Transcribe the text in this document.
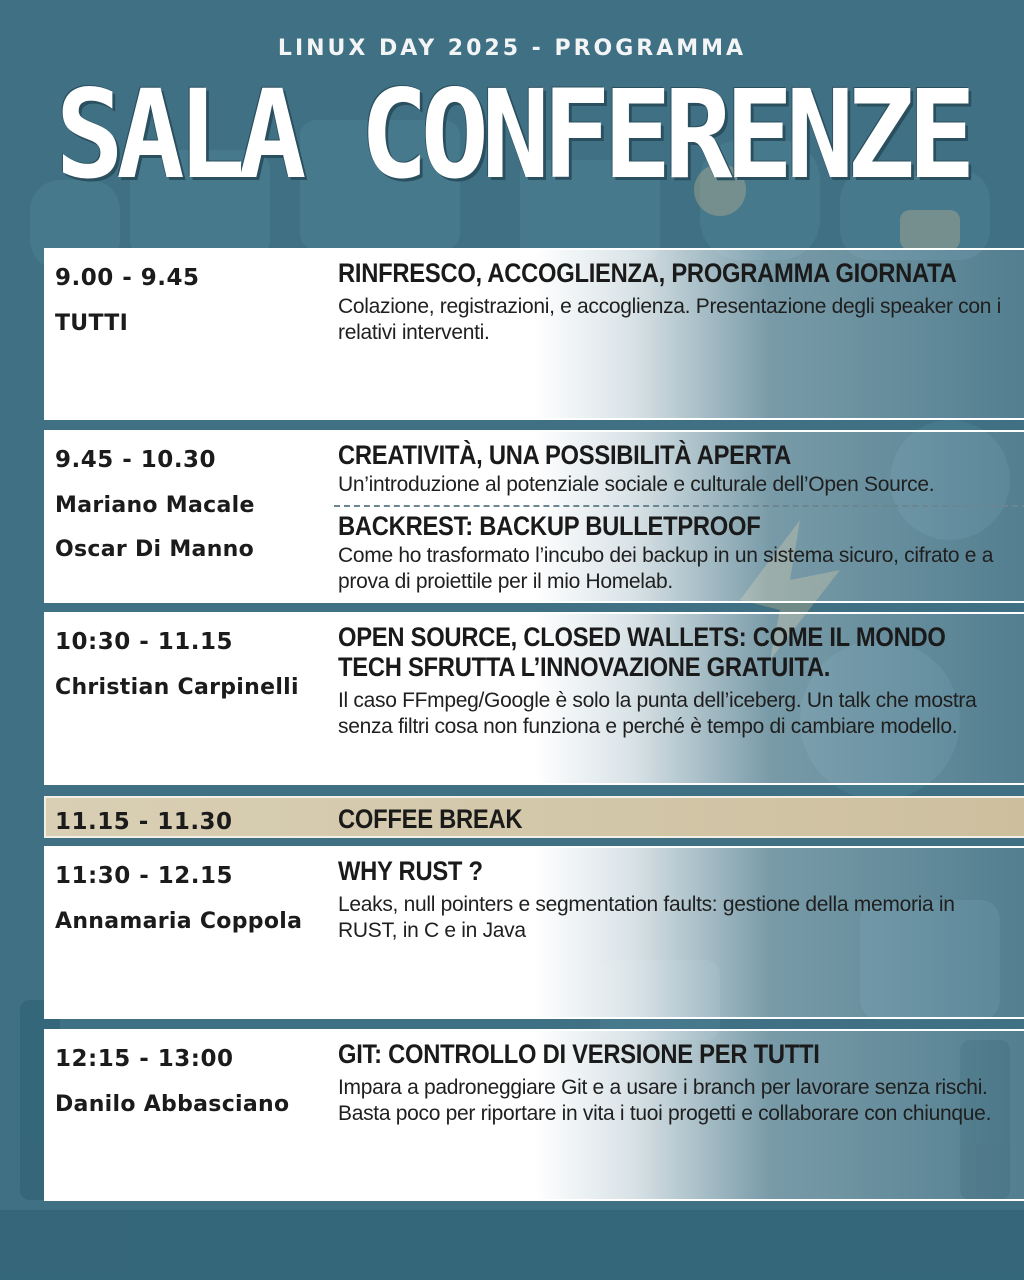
LINUX DAY 2025 - PROGRAMMA
SALA CONFERENZE
9.00 - 9.45
TUTTI
RINFRESCO, ACCOGLIENZA, PROGRAMMA GIORNATA
Colazione, registrazioni, e accoglienza. Presentazione degli speaker con i relativi interventi.
9.45 - 10.30
Mariano Macale
Oscar Di Manno
CREATIVITÀ, UNA POSSIBILITÀ APERTA
Un’introduzione al potenziale sociale e culturale dell’Open Source.
BACKREST: BACKUP BULLETPROOF
Come ho trasformato l’incubo dei backup in un sistema sicuro, cifrato e a prova di proiettile per il mio Homelab.
10:30 - 11.15
Christian Carpinelli
OPEN SOURCE, CLOSED WALLETS: COME IL MONDO TECH SFRUTTA L’INNOVAZIONE GRATUITA.
Il caso FFmpeg/Google è solo la punta dell’iceberg. Un talk che mostra senza filtri cosa non funziona e perché è tempo di cambiare modello.
11.15 - 11.30	COFFEE BREAK
11:30 - 12.15
Annamaria Coppola
WHY RUST ?
Leaks, null pointers e segmentation faults: gestione della memoria in RUST, in C e in Java
12:15 - 13:00
Danilo Abbasciano
GIT: CONTROLLO DI VERSIONE PER TUTTI
Impara a padroneggiare Git e a usare i branch per lavorare senza rischi. Basta poco per riportare in vita i tuoi progetti e collaborare con chiunque.
